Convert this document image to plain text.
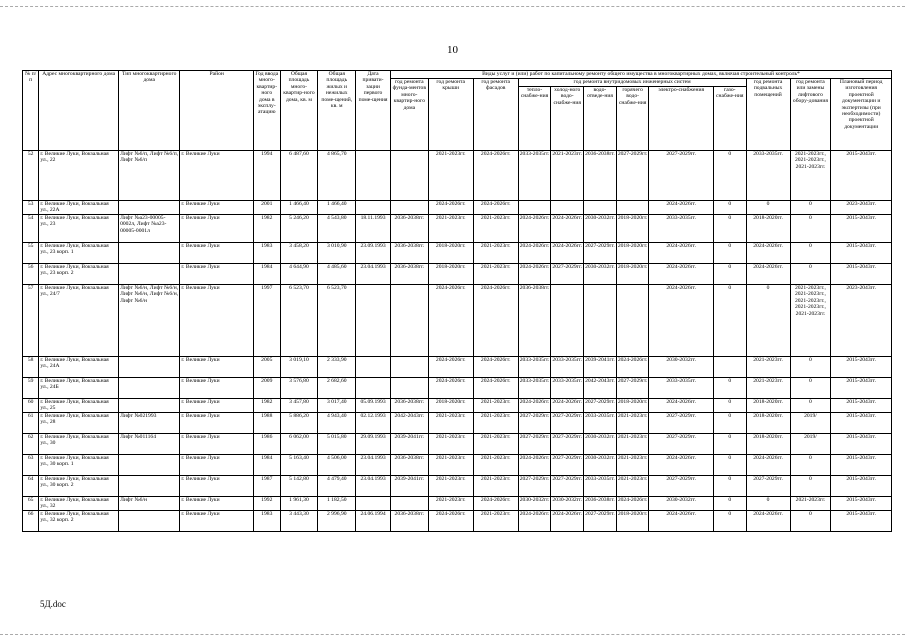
10
№ п/п	Адрес многоквартирного дома	Тип многоквартирного дома	Район	Год ввода много-квартир-ного дома в эксплу-атацию	Общая площадь много-квартир-ного дома, кв. м	Общая площадь жилых и нежилых поме-щений, кв. м	Дата привати-зации первого поме-щения	Виды услуг и (или) работ по капитальному ремонту общего имущества в многоквартирных домах, включая строительный контроль*											
								год ремонта фунда-ментов много-квартир-ного дома	год ремонта крыши	год ремонта фасадов	год ремонта внутридомовых инженерных систем						год ремонта подвальных помещений	год ремонта или замены лифтового обору-дования	Плановый период изготовления проектной документации и экспертизы (при необходимости) проектной документации
											тепло-снабже-ния	холод-ного водо-снабже-ния	водо-отведе-ния	горячего водо-снабже-ния	электро-снабжения	газо-снабже-ния			
52	г. Великие Луки, Вокзальная ул., 22	Лифт №6/п, Лифт №6/п, Лифт №6/п	г. Великие Луки	1994	6 487,60	4 865,70			2021-2023гг.	2024-2026гг.	2033-2035гг.	2021-2023гг.	2036-2038гг.	2027-2029гг.	2027-2029гг.	0	2033-2035гг.	2021-2023гг., 2021-2023гг., 2021-2023гг.	2015-2043гг.
53	г. Великие Луки, Вокзальная ул., 22А		г. Великие Луки	2001	1 466,40	1 466,40			2024-2026гг.	2024-2026гг.					2024-2026гг.	0	0	0	2023-2043гг.
54	г. Великие Луки, Вокзальная ул., 23	Лифт №а23-00005-0002л, Лифт №а23-00005-0001л	г. Великие Луки	1982	5 246,20	4 543,80	18.11.1993	2036-2038гг.	2021-2023гг.	2021-2023гг.	2024-2026гг.	2024-2026гг.	2030-2032гг.	2018-2020гг.	2033-2035гг.	0	2018-2020гг.	0	2015-2043гг.
55	г. Великие Луки, Вокзальная ул., 23 корп. 1		г. Великие Луки	1983	3 458,20	3 010,90	23.09.1993	2036-2038гг.	2018-2020гг.	2021-2023гг.	2024-2026гг.	2024-2026гг.	2027-2029гг.	2018-2020гг.	2024-2026гг.	0	2024-2026гг.	0	2015-2043гг.
56	г. Великие Луки, Вокзальная ул., 23 корп. 2		г. Великие Луки	1984	4 644,90	4 485,60	23.04.1993	2036-2038гг.	2018-2020гг.	2021-2023гг.	2024-2026гг.	2027-2029гг.	2030-2032гг.	2018-2020гг.	2024-2026гг.	0	2024-2026гг.	0	2015-2043гг.
57	г. Великие Луки, Вокзальная ул., 24/7	Лифт №6/н, Лифт №6/н, Лифт №6/н, Лифт №6/н, Лифт №6/н	г. Великие Луки	1997	6 523,70	6 523,70			2024-2026гг.	2024-2026гг.	2036-2038гг.				2024-2026гг.	0	0	2021-2023гг., 2021-2023гг., 2021-2023гг., 2021-2023гг., 2021-2023гг.	2023-2043гг.
58	г. Великие Луки, Вокзальная ул., 24А		г. Великие Луки	2005	3 019,10	2 333,90			2024-2026гг.	2024-2026гг.	2033-2035гг.	2033-2035гг.	2039-2041гг.	2024-2026гг.	2030-2032гг.		2021-2023гг.	0	2015-2043гг.
59	г. Великие Луки, Вокзальная ул., 24Б		г. Великие Луки	2009	3 576,80	2 682,60			2024-2026гг.	2024-2026гг.	2033-2035гг.	2033-2035гг.	2042-2043гг.	2027-2029гг.	2033-2035гг.	0	2021-2023гг.	0	2015-2043гг.
60	г. Великие Луки, Вокзальная ул., 25		г. Великие Луки	1982	3 457,80	3 017,40	05.09.1993	2036-2038гг.	2018-2020гг.	2021-2023гг.	2024-2026гг.	2024-2026гг.	2027-2029гг.	2018-2020гг.	2024-2026гг.	0	2018-2020гг.	0	2015-2043гг.
61	г. Великие Луки, Вокзальная ул., 28	Лифт №021993	г. Великие Луки	1988	5 886,20	4 943,40	02.12.1993	2042-2043гг.	2021-2023гг.	2021-2023гг.	2027-2029гг.	2027-2029гг.	2033-2035гг.	2021-2023гг.	2027-2029гг.	0	2018-2020гг.	2019/	2015-2043гг.
62	г. Великие Луки, Вокзальная ул., 30	Лифт №011164	г. Великие Луки	1986	6 062,00	5 015,80	29.09.1993	2039-2041гг.	2021-2023гг.	2021-2023гг.	2027-2029гг.	2027-2029гг.	2030-2032гг.	2021-2023гг.	2027-2029гг.	0	2018-2020гг.	2019/	2015-2043гг.
63	г. Великие Луки, Вокзальная ул., 30 корп. 1		г. Великие Луки	1984	5 163,40	4 506,00	23.04.1993	2036-2038гг.	2021-2023гг.	2021-2023гг.	2024-2026гг.	2027-2029гг.	2030-2032гг.	2021-2023гг.	2024-2026гг.	0	2024-2026гг.	0	2015-2043гг.
64	г. Великие Луки, Вокзальная ул., 30 корп. 2		г. Великие Луки	1987	5 142,80	4 479,40	23.04.1993	2039-2041гг.	2021-2023гг.	2021-2023гг.	2027-2029гг.	2027-2029гг.	2033-2035гг.	2021-2023гг.	2027-2029гг.	0	2027-2029гг.	0	2015-2043гг.
65	г. Великие Луки, Вокзальная ул., 32	Лифт №6/н	г. Великие Луки	1992	1 961,30	1 182,50			2021-2023гг.	2024-2026гг.	2030-2032гг.	2030-2032гг.	2036-2038гг.	2024-2026гг.	2030-2032гг.	0	0	2021-2023гг.	2015-2043гг.
66	г. Великие Луки, Вокзальная ул., 32 корп. 2		г. Великие Луки	1983	3 443,30	2 996,90	24.06.1994	2036-2038гг.	2024-2026гг.	2021-2023гг.	2024-2026гг.	2024-2026гг.	2027-2029гг.	2018-2020гг.	2024-2026гг.	0	2024-2026гг.	0	2015-2043гг.
5Д.doc
